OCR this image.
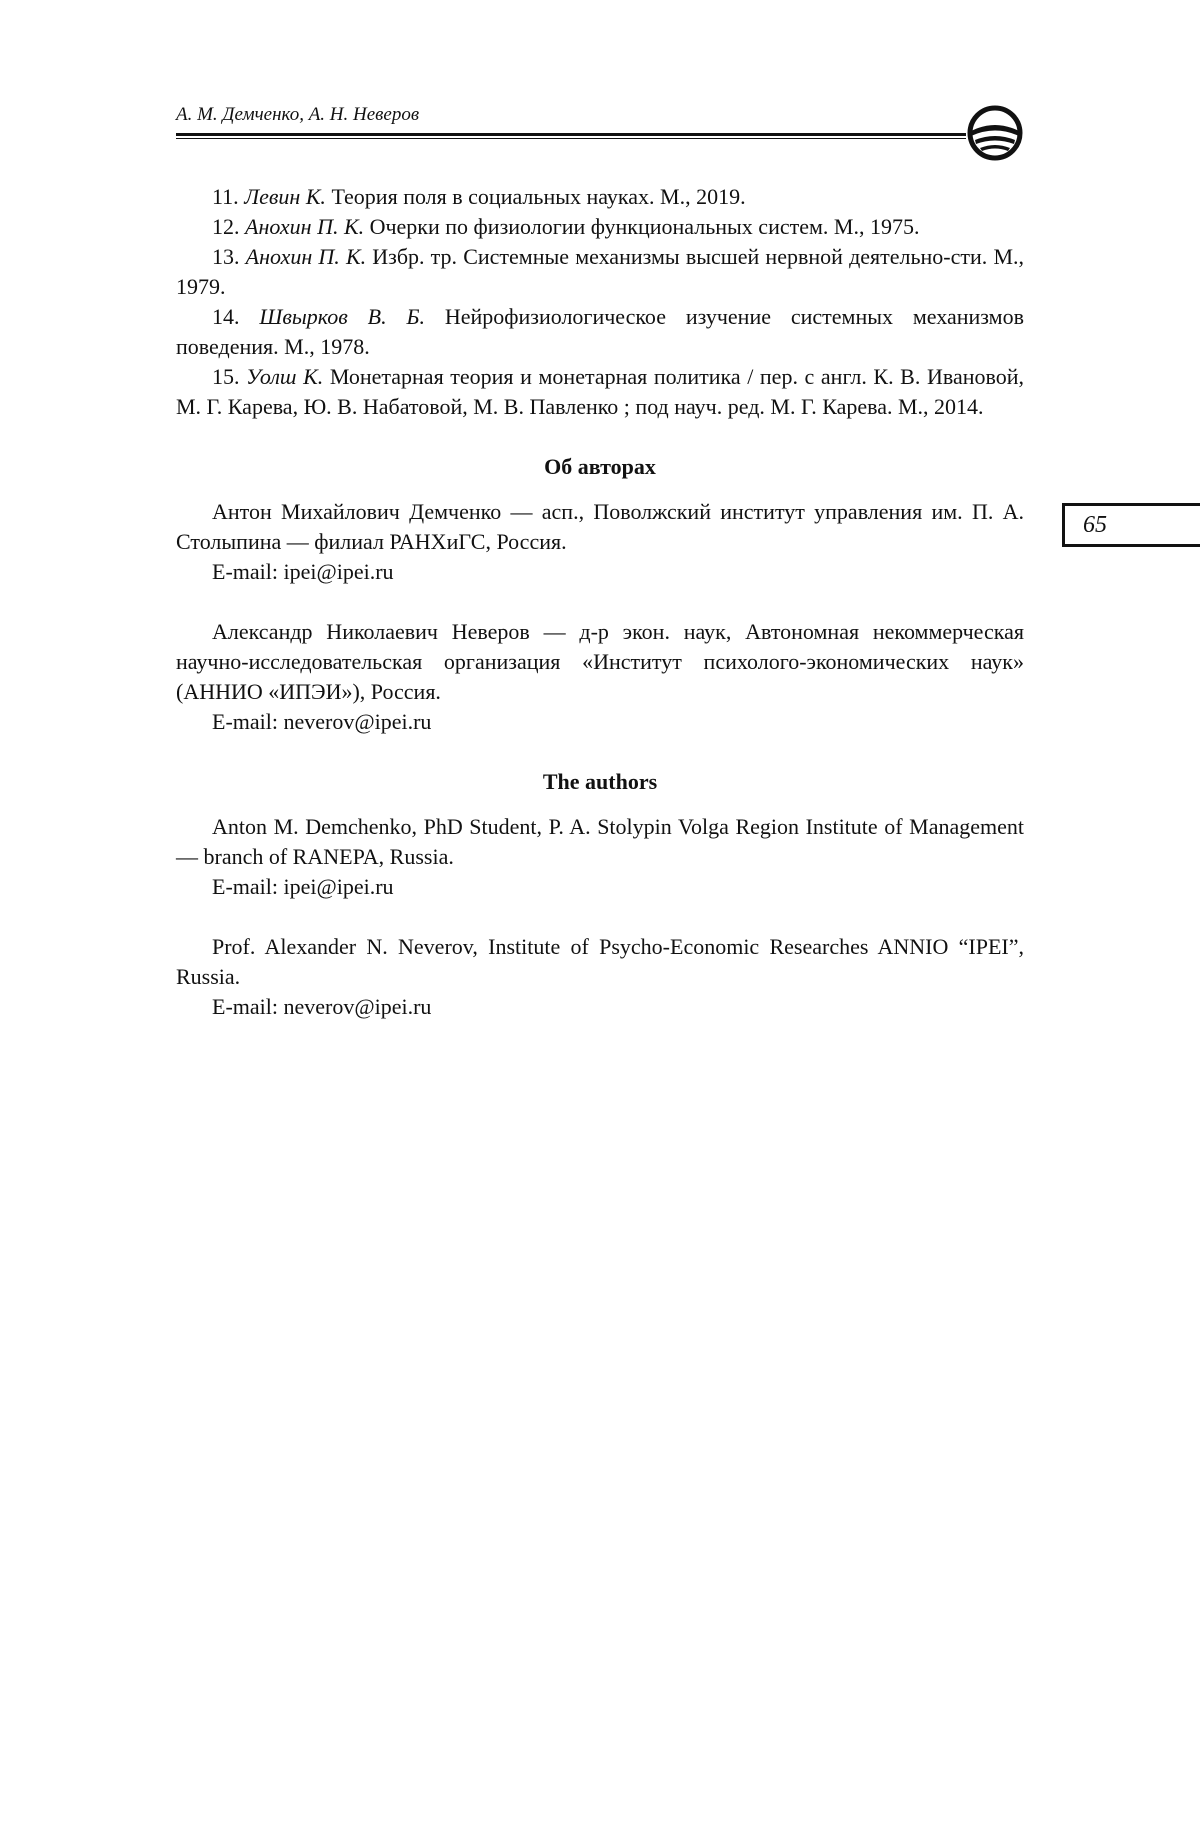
А. М. Демченко, А. Н. Неверов
65

11. Левин К. Теория поля в социальных науках. М., 2019.

12. Анохин П. К. Очерки по физиологии функциональных систем. М., 1975.

13. Анохин П. К. Избр. тр. Системные механизмы высшей нервной деятельно-сти. М., 1979.

14. Швырков В. Б. Нейрофизиологическое изучение системных механизмов поведения. М., 1978.

15. Уолш К. Монетарная теория и монетарная политика / пер. с англ. К. В. Ивановой, М. Г. Карева, Ю. В. Набатовой, М. В. Павленко ; под науч. ред. М. Г. Карева. М., 2014.

Об авторах

Антон Михайлович Демченко — асп., Поволжский институт управления им. П. А. Столыпина — филиал РАНХиГС, Россия.

E-mail: ipei@ipei.ru

Александр Николаевич Неверов — д-р экон. наук, Автономная некоммерческая научно-исследовательская организация «Институт психолого-экономических наук» (АННИО «ИПЭИ»), Россия.

E-mail: neverov@ipei.ru

The authors

Anton M. Demchenko, PhD Student, P. A. Stolypin Volga Region Institute of Management — branch of RANEPA, Russia.

E-mail: ipei@ipei.ru

Prof. Alexander N. Neverov, Institute of Psycho-Economic Researches ANNIO “IPEI”, Russia.

E-mail: neverov@ipei.ru
